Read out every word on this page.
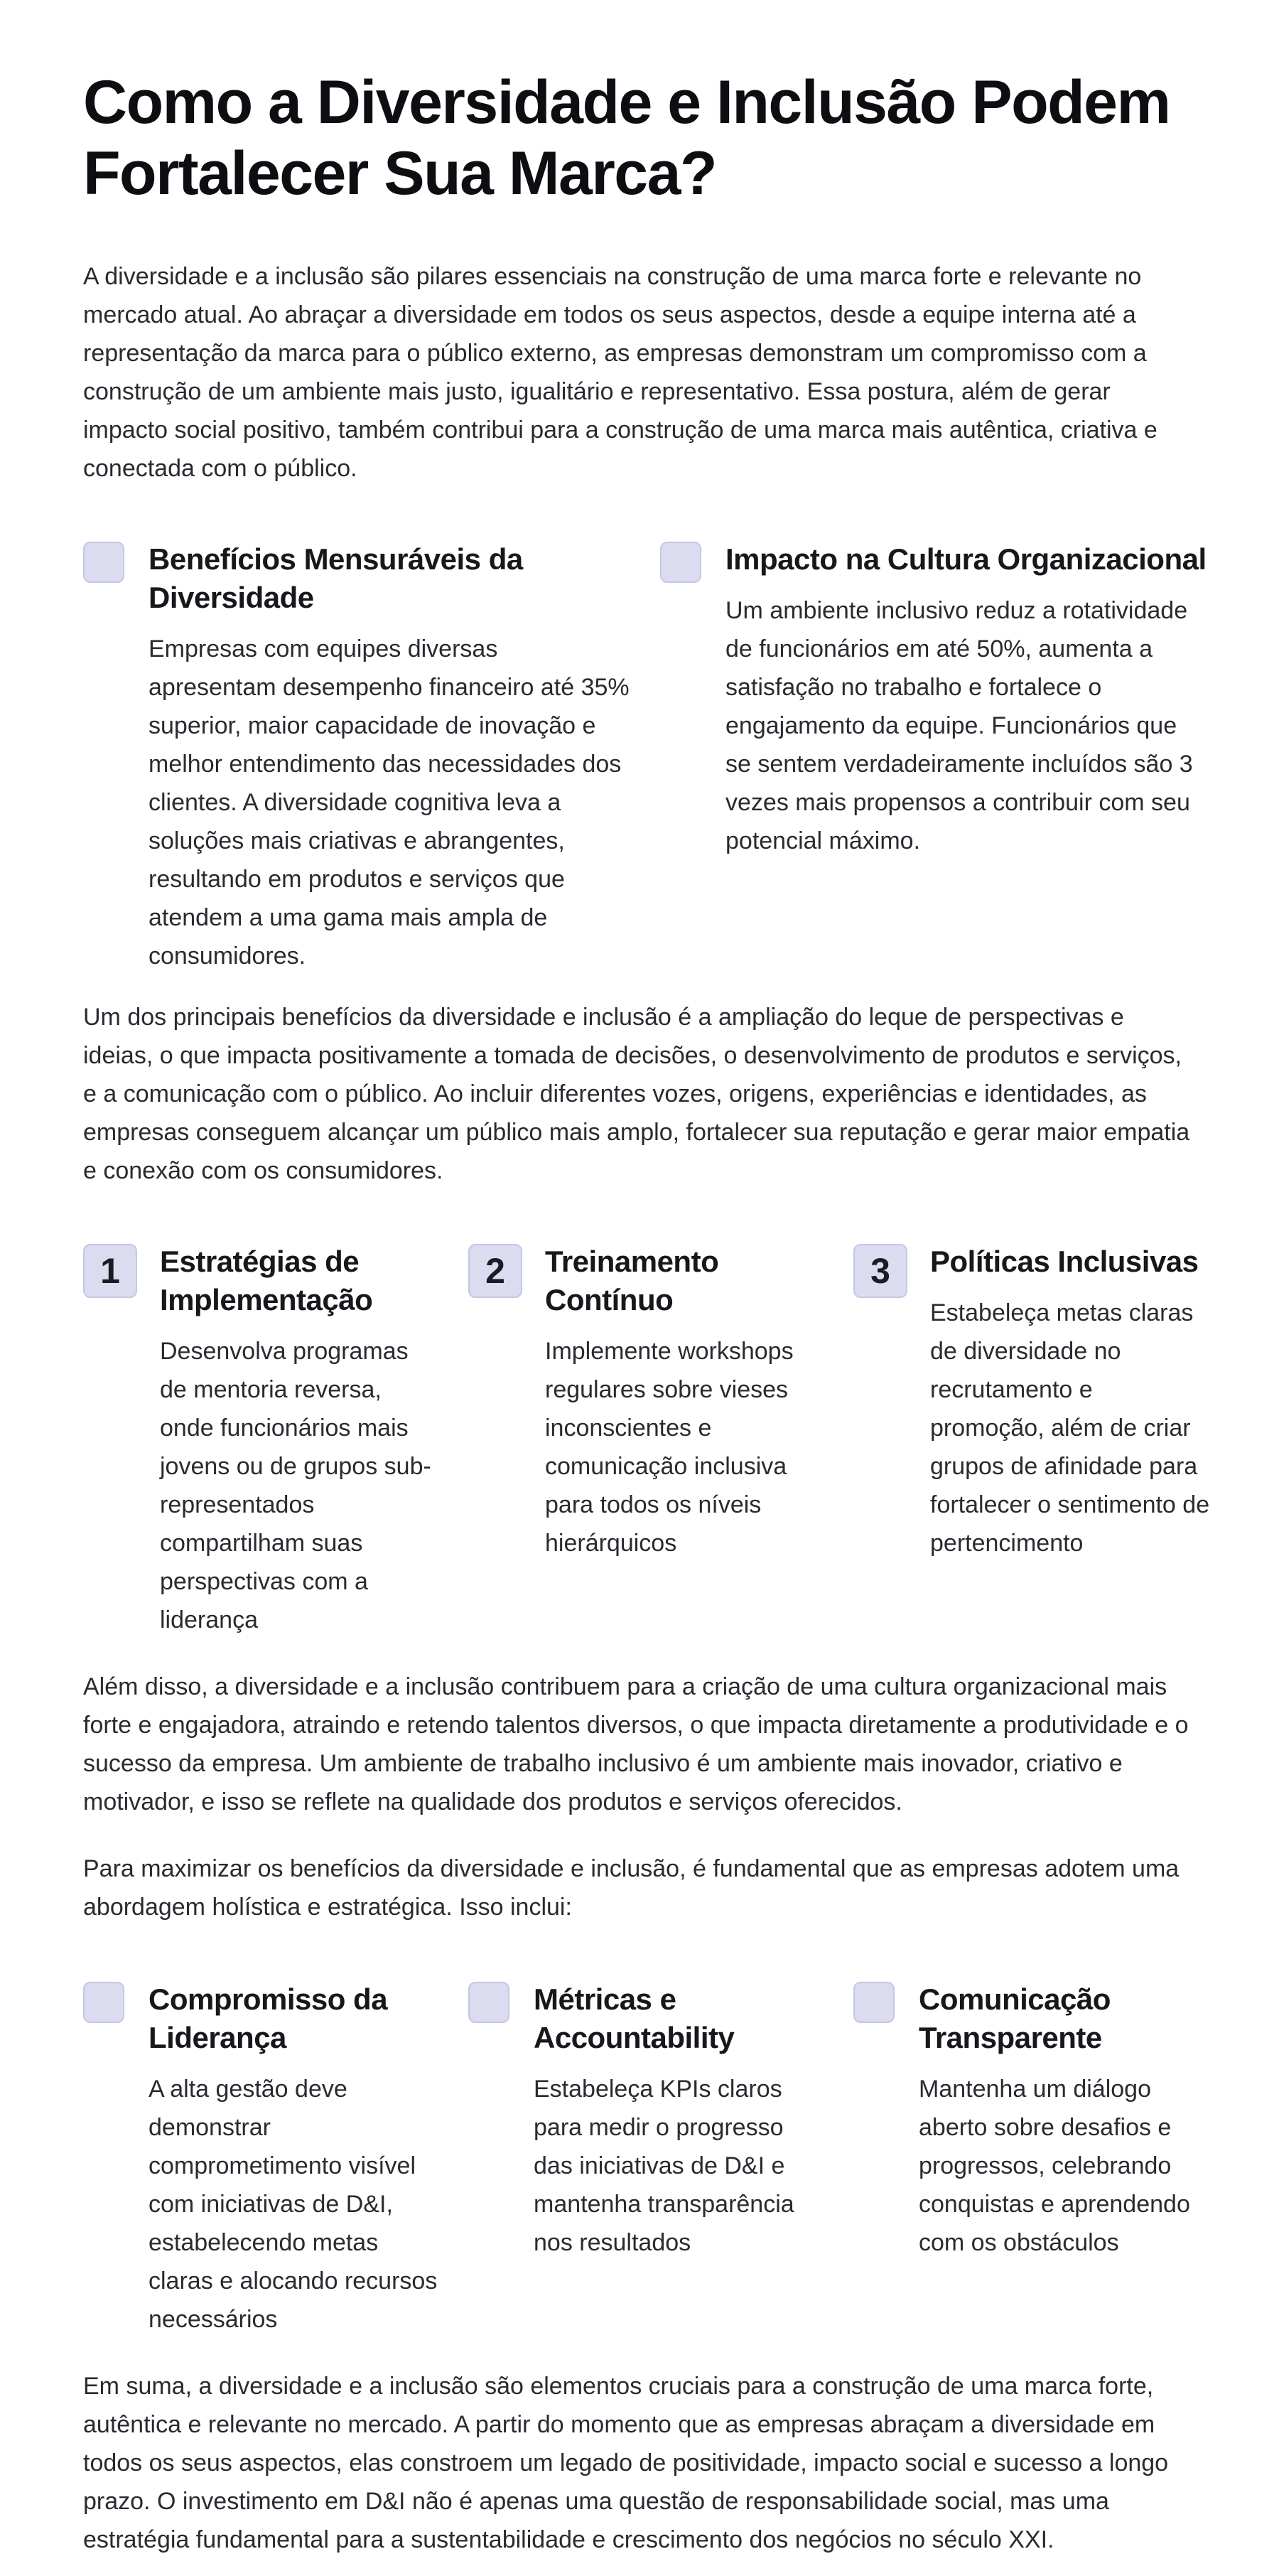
Como a Diversidade e Inclusão Podem Fortalecer Sua Marca?

A diversidade e a inclusão são pilares essenciais na construção de uma marca forte e relevante no mercado atual. Ao abraçar a diversidade em todos os seus aspectos, desde a equipe interna até a representação da marca para o público externo, as empresas demonstram um compromisso com a construção de um ambiente mais justo, igualitário e representativo. Essa postura, além de gerar impacto social positivo, também contribui para a construção de uma marca mais autêntica, criativa e conectada com o público.

Benefícios Mensuráveis da Diversidade

Empresas com equipes diversas apresentam desempenho financeiro até 35% superior, maior capacidade de inovação e melhor entendimento das necessidades dos clientes. A diversidade cognitiva leva a soluções mais criativas e abrangentes, resultando em produtos e serviços que atendem a uma gama mais ampla de consumidores.

Impacto na Cultura Organizacional

Um ambiente inclusivo reduz a rotatividade de funcionários em até 50%, aumenta a satisfação no trabalho e fortalece o engajamento da equipe. Funcionários que se sentem verdadeiramente incluídos são 3 vezes mais propensos a contribuir com seu potencial máximo.

Um dos principais benefícios da diversidade e inclusão é a ampliação do leque de perspectivas e ideias, o que impacta positivamente a tomada de decisões, o desenvolvimento de produtos e serviços, e a comunicação com o público. Ao incluir diferentes vozes, origens, experiências e identidades, as empresas conseguem alcançar um público mais amplo, fortalecer sua reputação e gerar maior empatia e conexão com os consumidores.

1	Estratégias de Implementação

Desenvolva programas de mentoria reversa, onde funcionários mais jovens ou de grupos sub-representados compartilham suas perspectivas com a liderança

2	Treinamento Contínuo

Implemente workshops regulares sobre vieses inconscientes e comunicação inclusiva para todos os níveis hierárquicos

3	Políticas Inclusivas

Estabeleça metas claras de diversidade no recrutamento e promoção, além de criar grupos de afinidade para fortalecer o sentimento de pertencimento

Além disso, a diversidade e a inclusão contribuem para a criação de uma cultura organizacional mais forte e engajadora, atraindo e retendo talentos diversos, o que impacta diretamente a produtividade e o sucesso da empresa. Um ambiente de trabalho inclusivo é um ambiente mais inovador, criativo e motivador, e isso se reflete na qualidade dos produtos e serviços oferecidos.

Para maximizar os benefícios da diversidade e inclusão, é fundamental que as empresas adotem uma abordagem holística e estratégica. Isso inclui:

Compromisso da Liderança

A alta gestão deve demonstrar comprometimento visível com iniciativas de D&I, estabelecendo metas claras e alocando recursos necessários

Métricas e Accountability

Estabeleça KPIs claros para medir o progresso das iniciativas de D&I e mantenha transparência nos resultados

Comunicação Transparente

Mantenha um diálogo aberto sobre desafios e progressos, celebrando conquistas e aprendendo com os obstáculos

Em suma, a diversidade e a inclusão são elementos cruciais para a construção de uma marca forte, autêntica e relevante no mercado. A partir do momento que as empresas abraçam a diversidade em todos os seus aspectos, elas constroem um legado de positividade, impacto social e sucesso a longo prazo. O investimento em D&I não é apenas uma questão de responsabilidade social, mas uma estratégia fundamental para a sustentabilidade e crescimento dos negócios no século XXI.
